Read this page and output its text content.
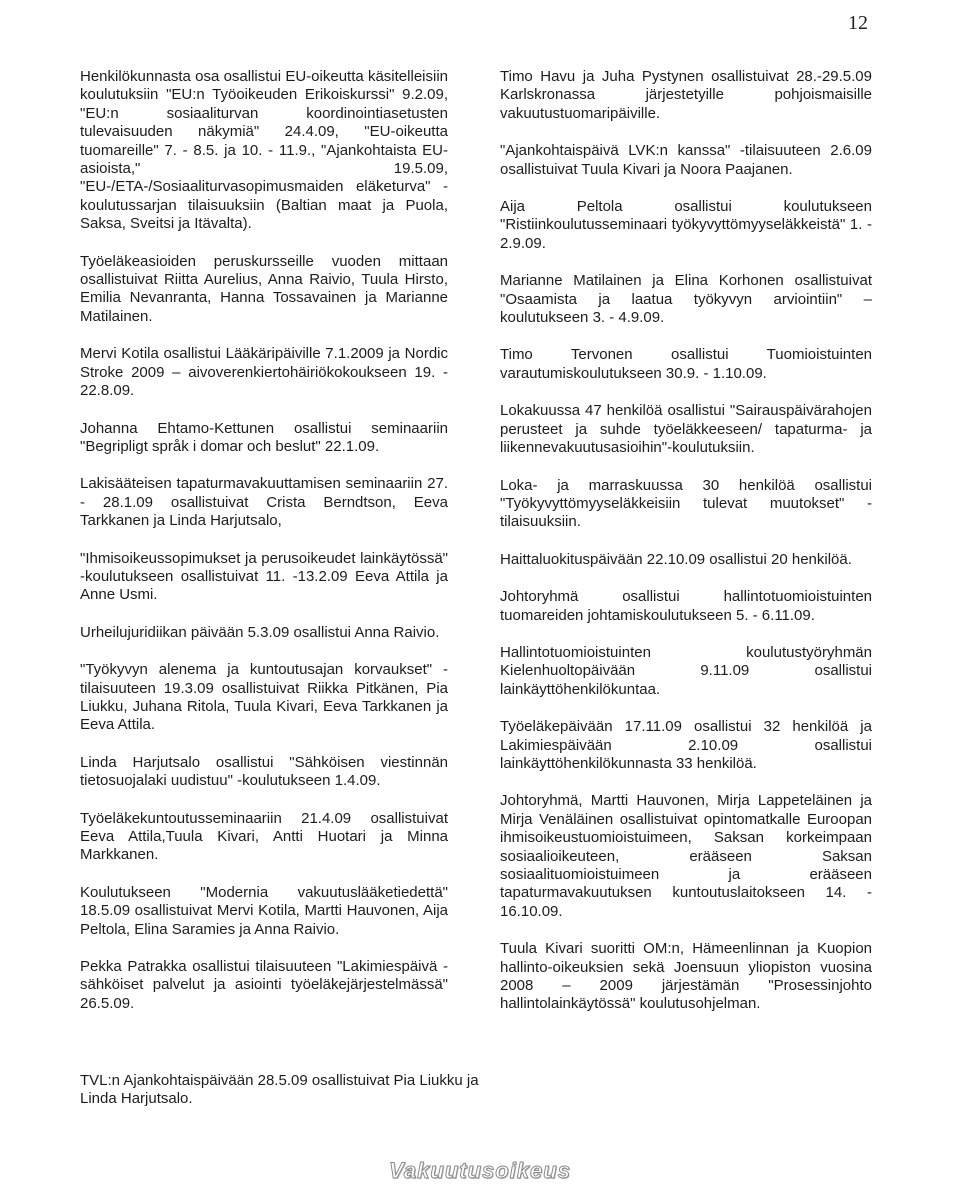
12

Henkilökunnasta osa osallistui EU-oikeutta käsitelleisiin koulutuksiin "EU:n Työoikeuden Erikoiskurssi" 9.2.09, "EU:n sosiaaliturvan koordinointiasetusten tulevaisuuden näkymiä" 24.4.09, "EU-oikeutta tuomareille" 7. - 8.5. ja 10. - 11.9., "Ajankohtaista EU-asioista," 19.5.09, "EU-/ETA-/Sosiaaliturvasopimusmaiden eläketurva" -koulutussarjan tilaisuuksiin (Baltian maat ja Puola, Saksa, Sveitsi ja Itävalta).

Työeläkeasioiden peruskursseille vuoden mittaan osallistuivat Riitta Aurelius, Anna Raivio, Tuula Hirsto, Emilia Nevanranta, Hanna Tossavainen ja Marianne Matilainen.

Mervi Kotila osallistui Lääkäripäiville 7.1.2009 ja Nordic Stroke 2009 – aivoverenkiertohäiriökokoukseen 19. - 22.8.09.

Johanna Ehtamo-Kettunen osallistui seminaariin "Begripligt språk i domar och beslut" 22.1.09.

Lakisääteisen tapaturmavakuuttamisen seminaariin 27. - 28.1.09 osallistuivat Crista Berndtson, Eeva Tarkkanen ja Linda Harjutsalo,

"Ihmisoikeussopimukset ja perusoikeudet lainkäytössä" -koulutukseen osallistuivat 11. -13.2.09 Eeva Attila ja Anne Usmi.

Urheilujuridiikan päivään 5.3.09 osallistui Anna Raivio.

"Työkyvyn alenema ja kuntoutusajan korvaukset" -tilaisuuteen 19.3.09 osallistuivat Riikka Pitkänen, Pia Liukku, Juhana Ritola, Tuula Kivari, Eeva Tarkkanen ja Eeva Attila.

Linda Harjutsalo osallistui "Sähköisen viestinnän tietosuojalaki uudistuu" -koulutukseen 1.4.09.

Työeläkekuntoutusseminaariin 21.4.09 osallistuivat Eeva Attila,Tuula Kivari, Antti Huotari ja Minna Markkanen.

Koulutukseen "Modernia vakuutuslääketiedettä" 18.5.09 osallistuivat Mervi Kotila, Martti Hauvonen, Aija Peltola, Elina Saramies ja Anna Raivio.

Pekka Patrakka osallistui tilaisuuteen "Lakimiespäivä - sähköiset palvelut ja asiointi työeläkejärjestelmässä" 26.5.09.

Timo Havu ja Juha Pystynen osallistuivat 28.-29.5.09 Karlskronassa järjestetyille pohjoismaisille vakuutustuomaripäiville.

"Ajankohtaispäivä LVK:n kanssa" -tilaisuuteen 2.6.09 osallistuivat Tuula Kivari ja Noora Paajanen.

Aija Peltola osallistui koulutukseen "Ristiinkoulutusseminaari työkyvyttömyyseläkkeistä" 1. - 2.9.09.

Marianne Matilainen ja Elina Korhonen osallistuivat "Osaamista ja laatua työkyvyn arviointiin" –koulutukseen 3. - 4.9.09.

Timo Tervonen osallistui Tuomioistuinten varautumiskoulutukseen 30.9. - 1.10.09.

Lokakuussa 47 henkilöä osallistui "Sairauspäivärahojen perusteet ja suhde työeläkkeeseen/ tapaturma- ja liikennevakuutusasioihin"-koulutuksiin.

Loka- ja marraskuussa 30 henkilöä osallistui "Työkyvyttömyyseläkkeisiin tulevat muutokset" -tilaisuuksiin.

Haittaluokituspäivään 22.10.09 osallistui 20 henkilöä.

Johtoryhmä osallistui hallintotuomioistuinten tuomareiden johtamiskoulutukseen 5. - 6.11.09.

Hallintotuomioistuinten koulutustyöryhmän Kielenhuoltopäivään 9.11.09 osallistui lainkäyttöhenkilökuntaa.

Työeläkepäivään 17.11.09 osallistui 32 henkilöä ja Lakimiespäivään 2.10.09 osallistui lainkäyttöhenkilökunnasta 33 henkilöä.

Johtoryhmä, Martti Hauvonen, Mirja Lappeteläinen ja Mirja Venäläinen osallistuivat opintomatkalle Euroopan ihmisoikeustuomioistuimeen, Saksan korkeimpaan sosiaalioikeuteen, erääseen Saksan sosiaalituomioistuimeen ja erääseen tapaturmavakuutuksen kuntoutuslaitokseen 14. - 16.10.09.

Tuula Kivari suoritti OM:n, Hämeenlinnan ja Kuopion hallinto-oikeuksien sekä Joensuun yliopiston vuosina 2008 – 2009 järjestämän "Prosessinjohto hallintolainkäytössä" koulutusohjelman.

TVL:n Ajankohtaispäivään 28.5.09 osallistuivat Pia Liukku ja Linda Harjutsalo.

Vakuutusoikeus
